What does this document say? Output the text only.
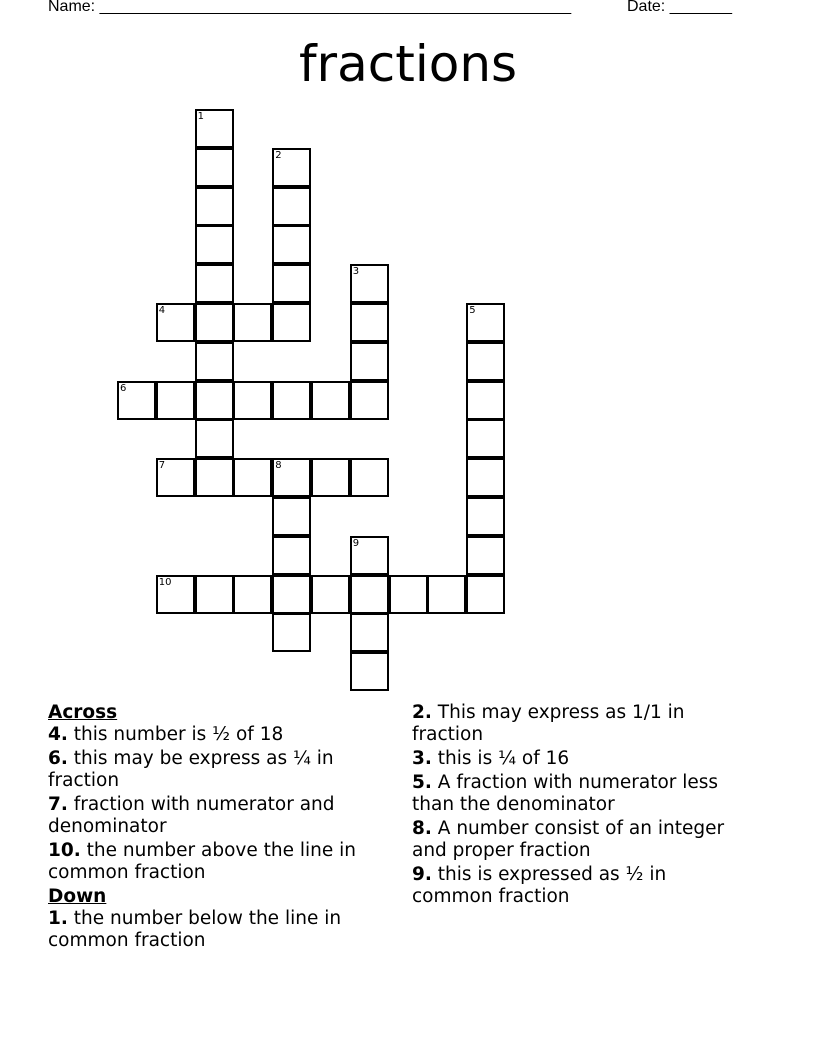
Name: _____________________________________________________	Date: _______
fractions
1
2
3
4	5
6
7	8
9
10

Across

4. this number is ½ of 18

6. this may be express as ¼ in fraction

7. fraction with numerator and denominator

10. the number above the line in common fraction

Down

1. the number below the line in common fraction

2. This may express as 1/1 in fraction

3. this is ¼ of 16

5. A fraction with numerator less than the denominator

8. A number consist of an integer and proper fraction

9. this is expressed as ½ in common fraction
